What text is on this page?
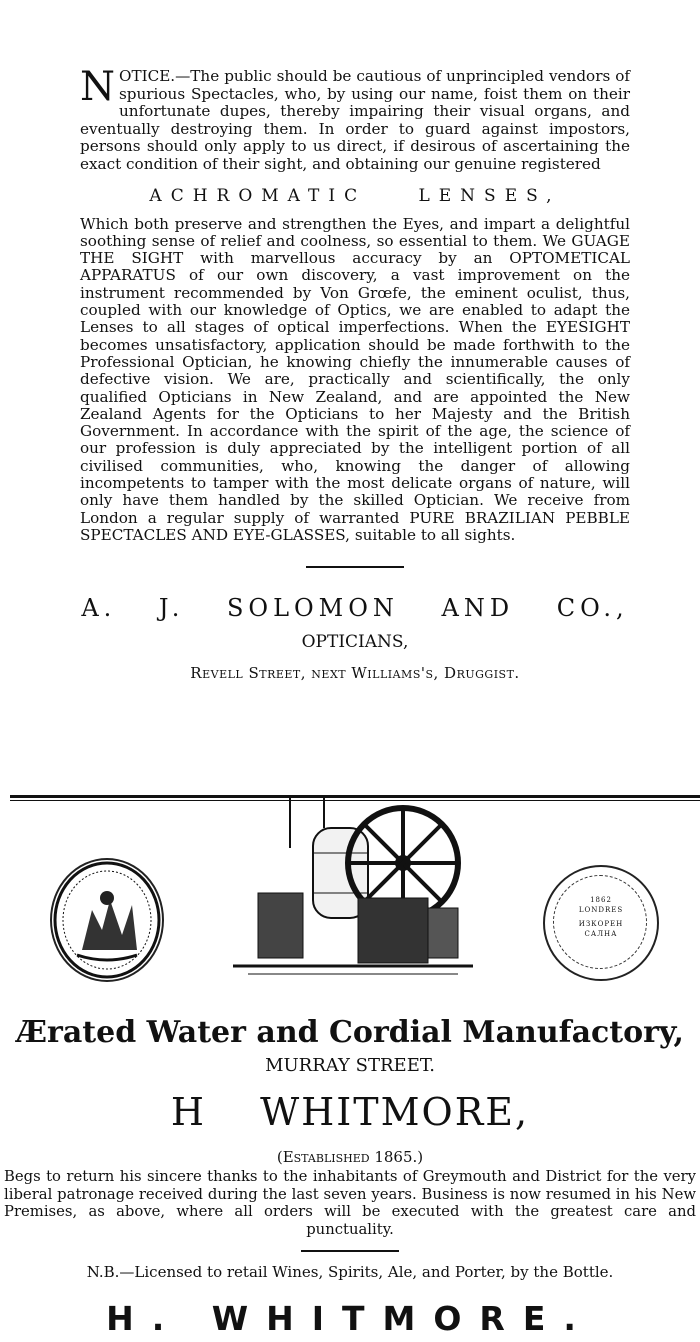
NOTICE.—The public should be cautious of unprincipled vendors of spurious Spectacles, who, by using our name, foist them on their unfortunate dupes, thereby impairing their visual organs, and eventually destroying them. In order to guard against impostors, persons should only apply to us direct, if desirous of ascertaining the exact condition of their sight, and obtaining our genuine registered

ACHROMATIC LENSES,

Which both preserve and strengthen the Eyes, and impart a delightful soothing sense of relief and coolness, so essential to them. We GUAGE THE SIGHT with marvellous accuracy by an OPTOMETICAL APPARATUS of our own discovery, a vast improvement on the instrument recommended by Von Grœfe, the eminent oculist, thus, coupled with our knowledge of Optics, we are enabled to adapt the Lenses to all stages of optical imperfections. When the EYESIGHT becomes unsatisfactory, application should be made forthwith to the Professional Optician, he knowing chiefly the innumerable causes of defective vision. We are, practically and scientifically, the only qualified Opticians in New Zealand, and are appointed the New Zealand Agents for the Opticians to her Majesty and the British Government. In accordance with the spirit of the age, the science of our profession is duly appreciated by the intelligent portion of all civilised communities, who, knowing the danger of allowing incompetents to tamper with the most delicate organs of nature, will only have them handled by the skilled Optician. We receive from London a regular supply of warranted PURE BRAZILIAN PEBBLE SPECTACLES AND EYE-GLASSES, suitable to all sights.

A. J. SOLOMON AND CO.,
OPTICIANS,
Revell Street, next Williams's, Druggist.
1862
LONDRES
ИЗКОРЕН
САЛНА
Ærated Water and Cordial Manufactory,
MURRAY STREET.
H WHITMORE,
(Established 1865.)
Begs to return his sincere thanks to the inhabitants of Greymouth and District for the very liberal patronage received during the last seven years. Business is now resumed in his New Premises, as above, where all orders will be executed with the greatest care and punctuality.
N.B.—Licensed to retail Wines, Spirits, Ale, and Porter, by the Bottle.
H. WHITMORE.
